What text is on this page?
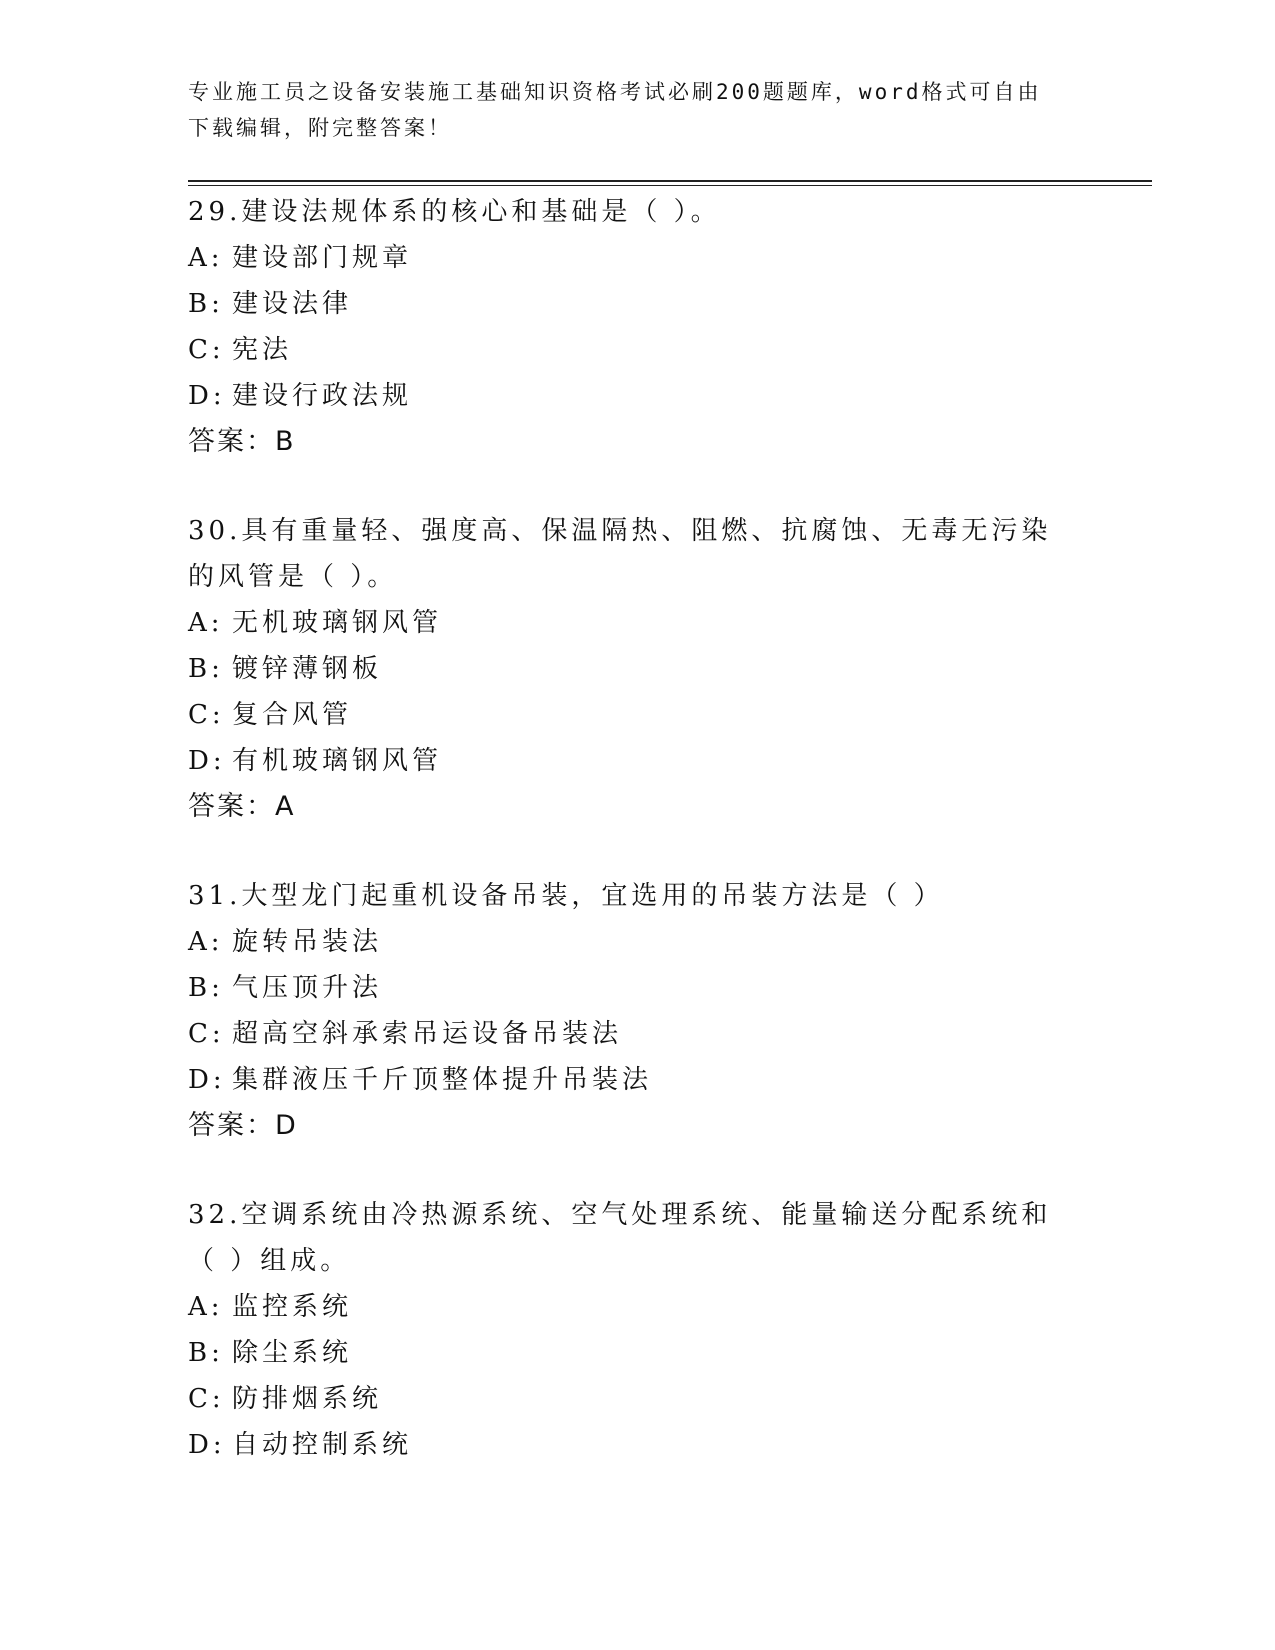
专业施工员之设备安装施工基础知识资格考试必刷200题题库，word格式可自由
下载编辑，附完整答案！
29.建设法规体系的核心和基础是（ ）。
A: 建设部门规章
B: 建设法律
C: 宪法
D: 建设行政法规
答案：B
30.具有重量轻、强度高、保温隔热、阻燃、抗腐蚀、无毒无污染的风管是（ ）。
A: 无机玻璃钢风管
B: 镀锌薄钢板
C: 复合风管
D: 有机玻璃钢风管
答案：A
31.大型龙门起重机设备吊装，宜选用的吊装方法是（ ）
A: 旋转吊装法
B: 气压顶升法
C: 超高空斜承索吊运设备吊装法
D: 集群液压千斤顶整体提升吊装法
答案：D
32.空调系统由冷热源系统、空气处理系统、能量输送分配系统和（ ）组成。
A: 监控系统
B: 除尘系统
C: 防排烟系统
D: 自动控制系统
